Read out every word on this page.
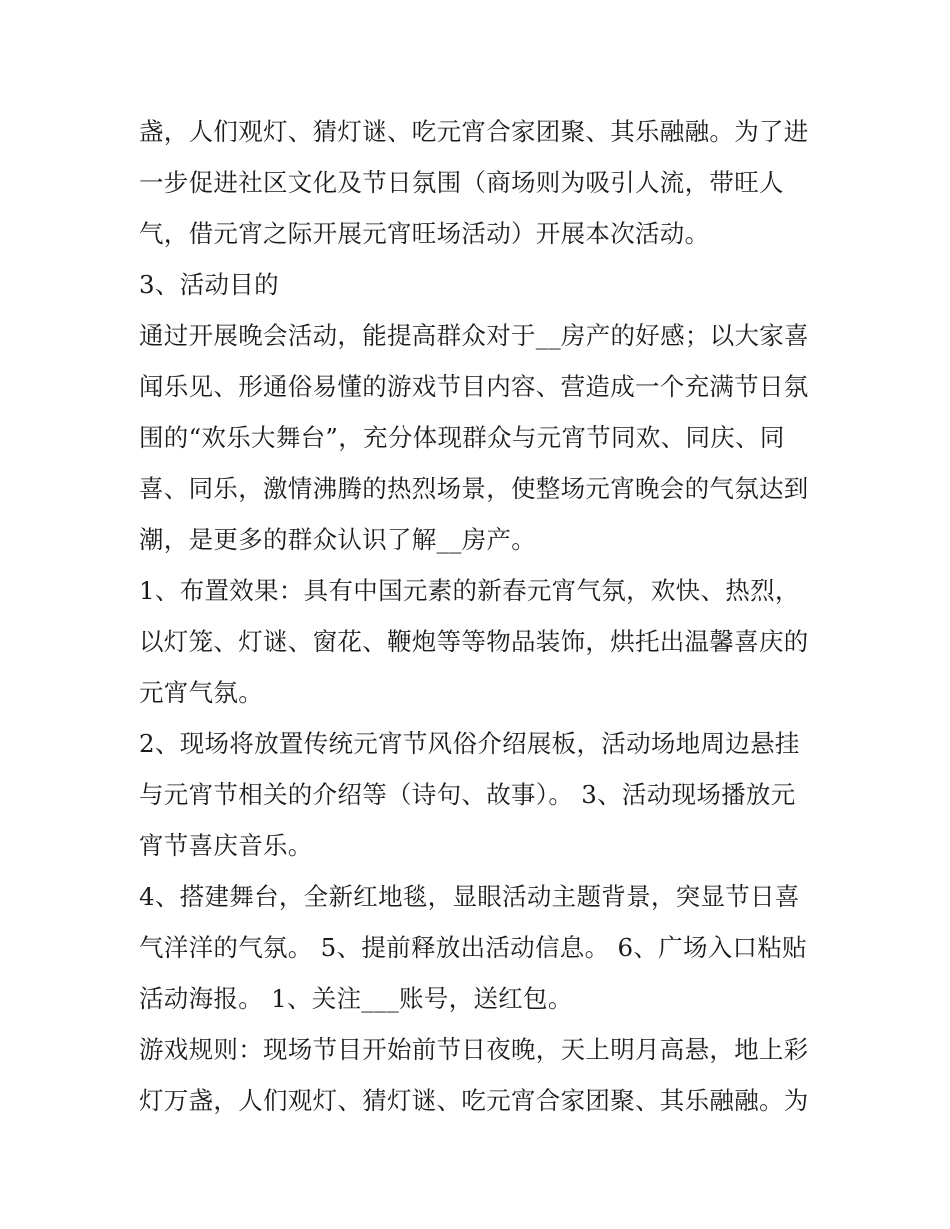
盏，人们观灯、猜灯谜、吃元宵合家团聚、其乐融融。为了进
一步促进社区文化及节日氛围（商场则为吸引人流，带旺人
气，借元宵之际开展元宵旺场活动）开展本次活动。
3、活动目的
通过开展晚会活动，能提高群众对于__房产的好感；以大家喜
闻乐见、形通俗易懂的游戏节目内容、营造成一个充满节日氛
围的“欢乐大舞台”，充分体现群众与元宵节同欢、同庆、同
喜、同乐，激情沸腾的热烈场景，使整场元宵晚会的气氛达到
潮，是更多的群众认识了解__房产。
1、布置效果：具有中国元素的新春元宵气氛，欢快、热烈，
以灯笼、灯谜、窗花、鞭炮等等物品装饰，烘托出温馨喜庆的
元宵气氛。
2、现场将放置传统元宵节风俗介绍展板，活动场地周边悬挂
与元宵节相关的介绍等（诗句、故事）。 3、活动现场播放元
宵节喜庆音乐。
4、搭建舞台，全新红地毯，显眼活动主题背景，突显节日喜
气洋洋的气氛。 5、提前释放出活动信息。 6、广场入口粘贴
活动海报。 1、关注___账号，送红包。
游戏规则：现场节目开始前节日夜晚，天上明月高悬，地上彩
灯万盏，人们观灯、猜灯谜、吃元宵合家团聚、其乐融融。为
